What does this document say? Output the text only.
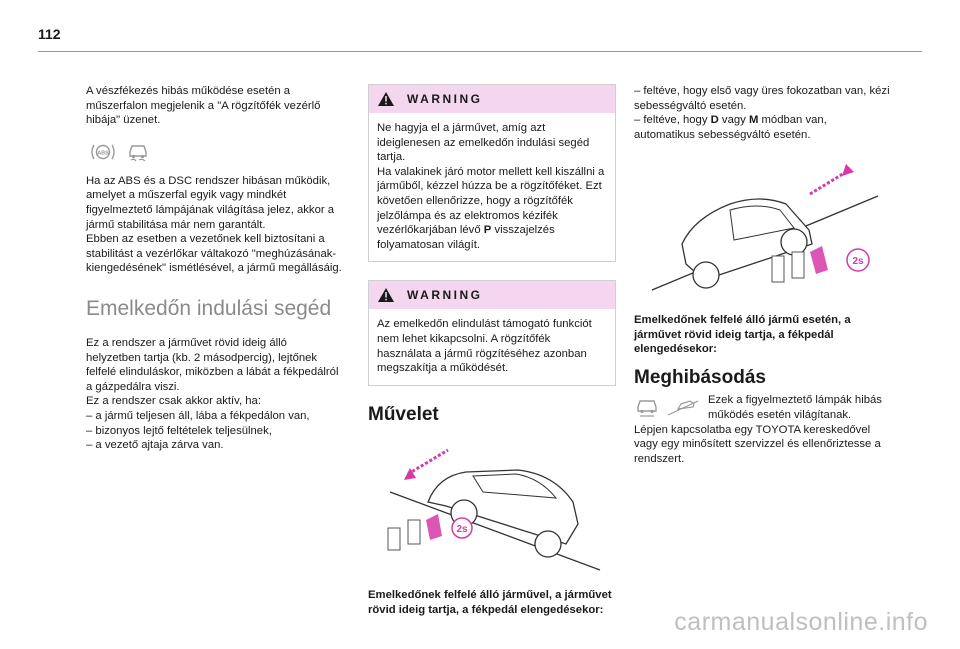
112

A vészfékezés hibás működése esetén a műszerfalon megjelenik a "A rögzítőfék vezérlő hibája" üzenet.

ABS

Ha az ABS és a DSC rendszer hibásan működik, amelyet a műszerfal egyik vagy mindkét figyelmeztető lámpájának világítása jelez, akkor a jármű stabilitása már nem garantált.

Ebben az esetben a vezetőnek kell biztosítani a stabilitást a vezérlőkar váltakozó "meghúzásának-kiengedésének" ismétlésével, a jármű megállásáig.

Emelkedőn indulási segéd

Ez a rendszer a járművet rövid ideig álló helyzetben tartja (kb. 2 másodpercig), lejtőnek felfelé elinduláskor, miközben a lábát a fékpedálról a gázpedálra viszi.

Ez a rendszer csak akkor aktív, ha:

– a jármű teljesen áll, lába a fékpedálon van,

– bizonyos lejtő feltételek teljesülnek,

– a vezető ajtaja zárva van.

WARNING

Ne hagyja el a járművet, amíg azt ideiglenesen az emelkedőn indulási segéd tartja.

Ha valakinek járó motor mellett kell kiszállni a járműből, kézzel húzza be a rögzítőféket. Ezt követően ellenőrizze, hogy a rögzítőfék jelzőlámpa és az elektromos kézifék vezérlőkarjában lévő P visszajelzés folyamatosan világít.

WARNING

Az emelkedőn elindulást támogató funkciót nem lehet kikapcsolni. A rögzítőfék használata a jármű rögzítéséhez azonban megszakítja a működését.

Művelet
2s

Emelkedőnek felfelé álló járművel, a járművet rövid ideig tartja, a fékpedál elengedésekor:

– feltéve, hogy első vagy üres fokozatban van, kézi sebességváltó esetén.

– feltéve, hogy D vagy M módban van, automatikus sebességváltó esetén.

2s

Emelkedőnek felfelé álló jármű esetén, a járművet rövid ideig tartja, a fékpedál elengedésekor:

Meghibásodás

Ezek a figyelmeztető lámpák hibás működés esetén világítanak.

Lépjen kapcsolatba egy TOYOTA kereskedővel vagy egy minősített szervizzel és ellenőriztesse a rendszert.

carmanualsonline.info
